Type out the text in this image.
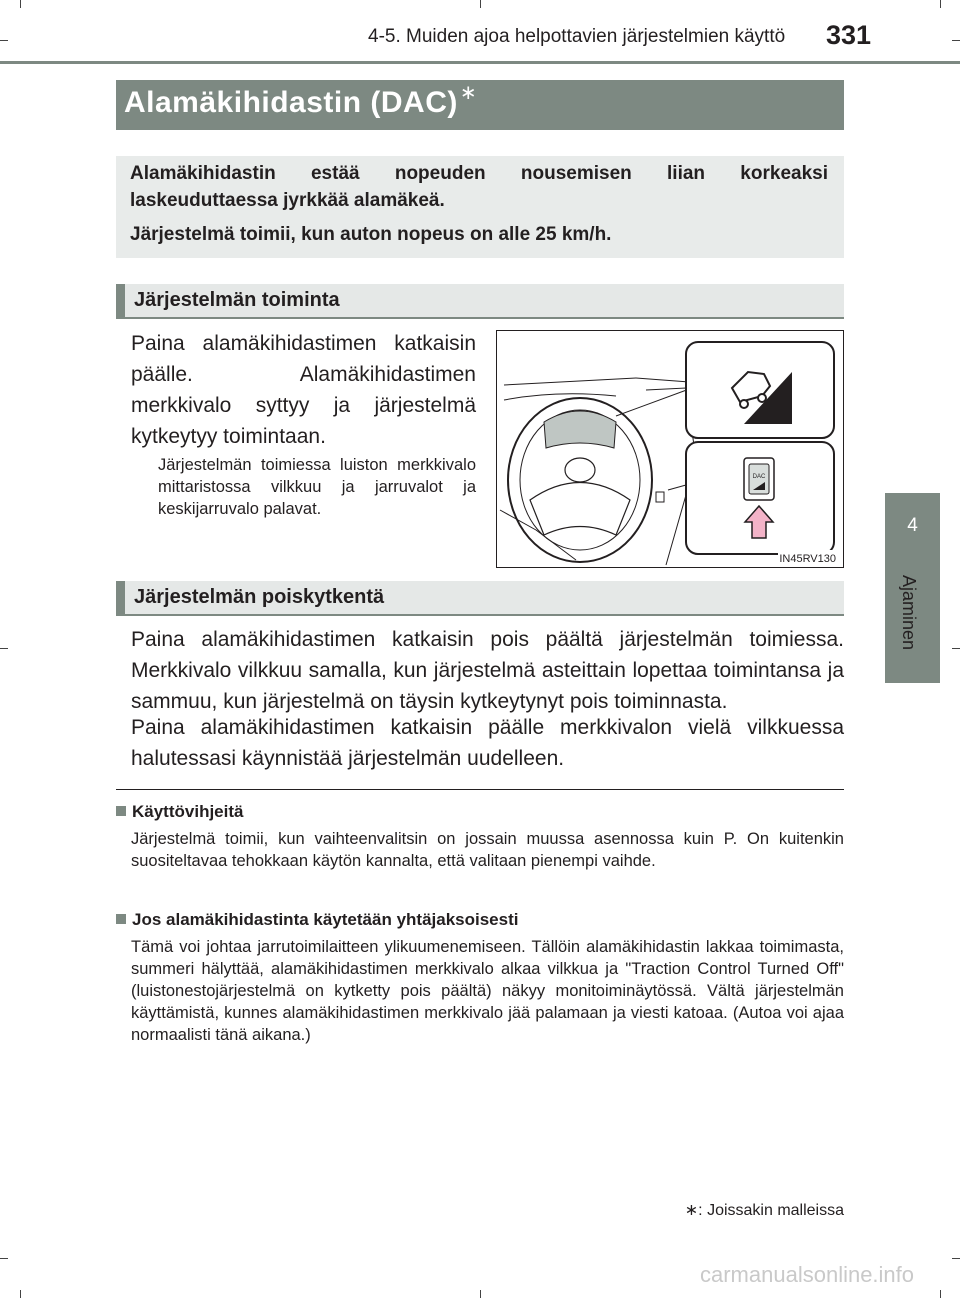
4-5. Muiden ajoa helpottavien järjestelmien käyttö 331
4
Ajaminen
Alamäkihidastin (DAC) ∗
Alamäkihidastin estää nopeuden nousemisen liian korkeaksi laskeuduttaessa jyrkkää alamäkeä.
Järjestelmä toimii, kun auton nopeus on alle 25 km/h.
Järjestelmän toiminta
Paina alamäkihidastimen katkaisin päälle. Alamäkihidastimen merkkivalo syttyy ja järjestelmä kytkeytyy toimintaan.
Järjestelmän toimiessa luiston merkkivalo mittaristossa vilkkuu ja jarruvalot ja keskijarruvalo palavat.
DAC
IN45RV130
Järjestelmän poiskytkentä
Paina alamäkihidastimen katkaisin pois päältä järjestelmän toimiessa. Merkkivalo vilkkuu samalla, kun järjestelmä asteittain lopettaa toimintansa ja sammuu, kun järjestelmä on täysin kytkeytynyt pois toiminnasta.
Paina alamäkihidastimen katkaisin päälle merkkivalon vielä vilkkuessa halutessasi käynnistää järjestelmän uudelleen.
Käyttövihjeitä
Järjestelmä toimii, kun vaihteenvalitsin on jossain muussa asennossa kuin P. On kuitenkin suositeltavaa tehokkaan käytön kannalta, että valitaan pienempi vaihde.
Jos alamäkihidastinta käytetään yhtäjaksoisesti
Tämä voi johtaa jarrutoimilaitteen ylikuumenemiseen. Tällöin alamäkihidastin lakkaa toimimasta, summeri hälyttää, alamäkihidastimen merkkivalo alkaa vilkkua ja "Traction Control Turned Off" (luistonestojärjestelmä on kytketty pois päältä) näkyy monitoiminäytössä. Vältä järjestelmän käyttämistä, kunnes alamäkihidastimen merkkivalo jää palamaan ja viesti katoaa. (Autoa voi ajaa normaalisti tänä aikana.)
∗: Joissakin malleissa
carmanualsonline.info
